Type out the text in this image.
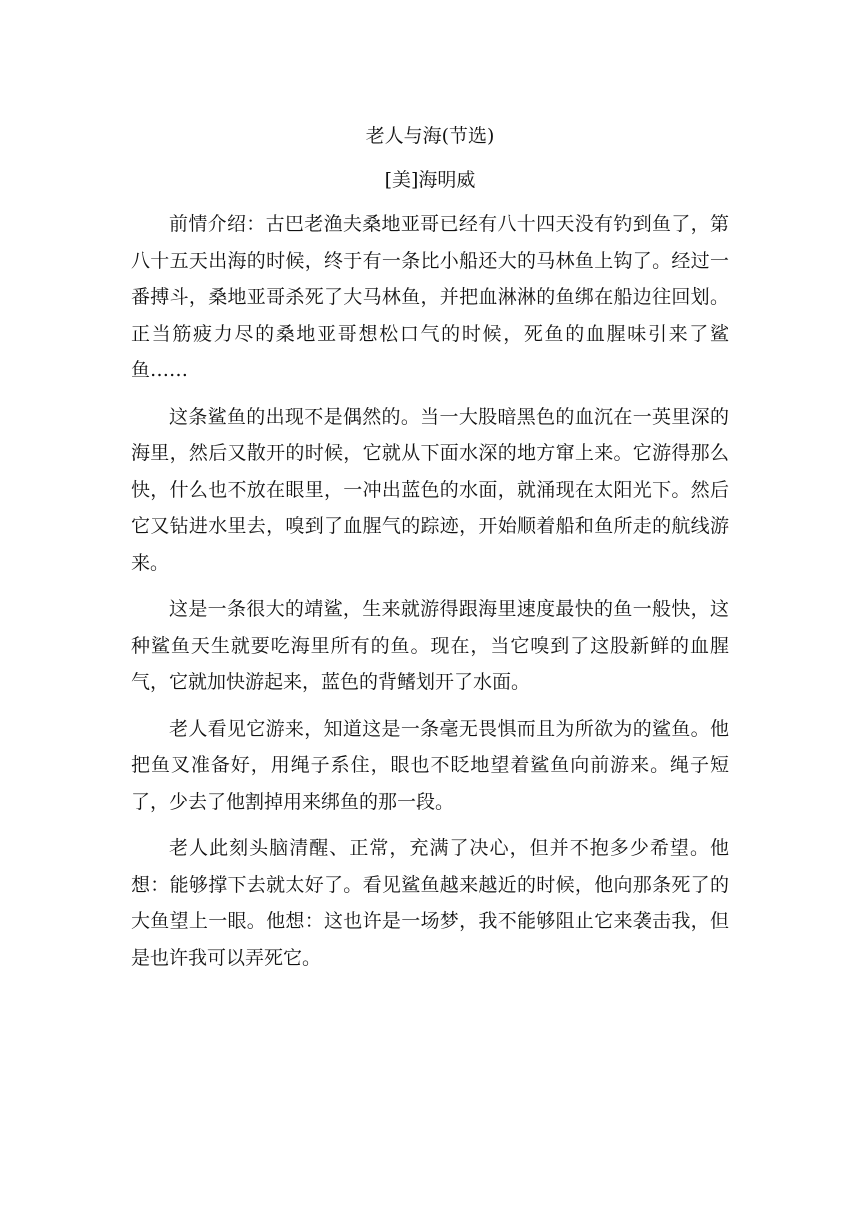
老人与海(节选)
[美]海明威

前情介绍：古巴老渔夫桑地亚哥已经有八十四天没有钓到鱼了，第八十五天出海的时候，终于有一条比小船还大的马林鱼上钩了。经过一番搏斗，桑地亚哥杀死了大马林鱼，并把血淋淋的鱼绑在船边往回划。正当筋疲力尽的桑地亚哥想松口气的时候，死鱼的血腥味引来了鲨鱼……

这条鲨鱼的出现不是偶然的。当一大股暗黑色的血沉在一英里深的海里，然后又散开的时候，它就从下面水深的地方窜上来。它游得那么快，什么也不放在眼里，一冲出蓝色的水面，就涌现在太阳光下。然后它又钻进水里去，嗅到了血腥气的踪迹，开始顺着船和鱼所走的航线游来。

这是一条很大的靖鲨，生来就游得跟海里速度最快的鱼一般快，这种鲨鱼天生就要吃海里所有的鱼。现在，当它嗅到了这股新鲜的血腥气，它就加快游起来，蓝色的背鳍划开了水面。

老人看见它游来，知道这是一条毫无畏惧而且为所欲为的鲨鱼。他把鱼叉准备好，用绳子系住，眼也不眨地望着鲨鱼向前游来。绳子短了，少去了他割掉用来绑鱼的那一段。

老人此刻头脑清醒、正常，充满了决心，但并不抱多少希望。他想：能够撑下去就太好了。看见鲨鱼越来越近的时候，他向那条死了的大鱼望上一眼。他想：这也许是一场梦，我不能够阻止它来袭击我，但是也许我可以弄死它。
